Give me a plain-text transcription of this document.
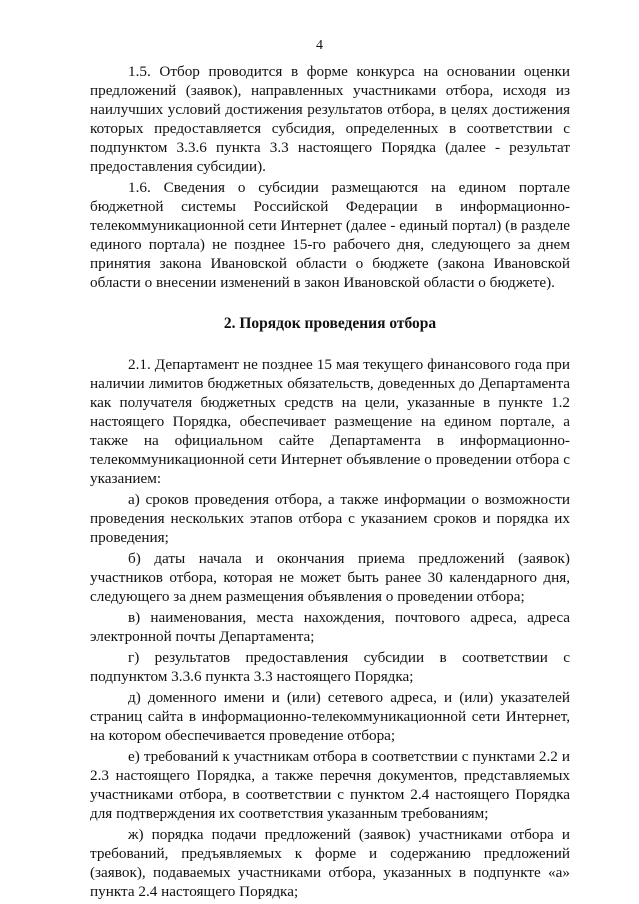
4

1.5. Отбор проводится в форме конкурса на основании оценки предложений (заявок), направленных участниками отбора, исходя из наилучших условий достижения результатов отбора, в целях достижения которых предоставляется субсидия, определенных в соответствии с подпунктом 3.3.6 пункта 3.3 настоящего Порядка (далее - результат предоставления субсидии).

1.6. Сведения о субсидии размещаются на едином портале бюджетной системы Российской Федерации в информационно-телекоммуникационной сети Интернет (далее - единый портал) (в разделе единого портала) не позднее 15-го рабочего дня, следующего за днем принятия закона Ивановской области о бюджете (закона Ивановской области о внесении изменений в закон Ивановской области о бюджете).

2. Порядок проведения отбора

2.1. Департамент не позднее 15 мая текущего финансового года при наличии лимитов бюджетных обязательств, доведенных до Департамента как получателя бюджетных средств на цели, указанные в пункте 1.2 настоящего Порядка, обеспечивает размещение на едином портале, а также на официальном сайте Департамента в информационно-телекоммуникационной сети Интернет объявление о проведении отбора с указанием:

а) сроков проведения отбора, а также информации о возможности проведения нескольких этапов отбора с указанием сроков и порядка их проведения;

б) даты начала и окончания приема предложений (заявок) участников отбора, которая не может быть ранее 30 календарного дня, следующего за днем размещения объявления о проведении отбора;

в) наименования, места нахождения, почтового адреса, адреса электронной почты Департамента;

г) результатов предоставления субсидии в соответствии с подпунктом 3.3.6 пункта 3.3 настоящего Порядка;

д) доменного имени и (или) сетевого адреса, и (или) указателей страниц сайта в информационно-телекоммуникационной сети Интернет, на котором обеспечивается проведение отбора;

е) требований к участникам отбора в соответствии с пунктами 2.2 и 2.3 настоящего Порядка, а также перечня документов, представляемых участниками отбора, в соответствии с пунктом 2.4 настоящего Порядка для подтверждения их соответствия указанным требованиям;

ж) порядка подачи предложений (заявок) участниками отбора и требований, предъявляемых к форме и содержанию предложений (заявок), подаваемых участниками отбора, указанных в подпункте «а» пункта 2.4 настоящего Порядка;
